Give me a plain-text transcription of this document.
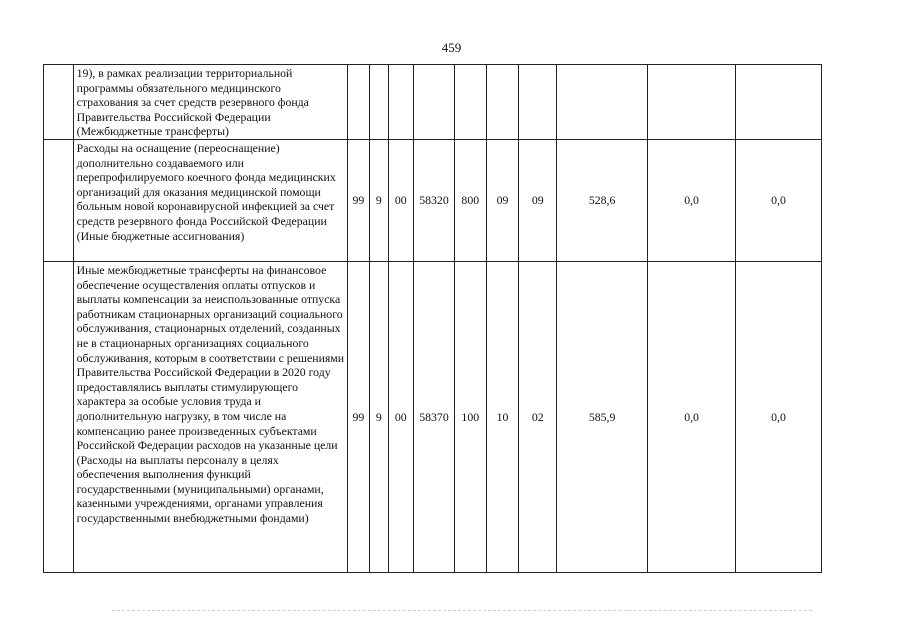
459
	19), в рамках реализации территориальной программы обязательного медицинского страхования за счет средств резервного фонда Правительства Российской Федерации (Межбюджетные трансферты)										
	Расходы на оснащение (переоснащение) дополнительно создаваемого или перепрофилируемого коечного фонда медицинских организаций для оказания медицинской помощи больным новой коронавирусной инфекцией за счет средств резервного фонда Российской Федерации (Иные бюджетные ассигнования)	99	9	00	58320	800	09	09	528,6	0,0	0,0
	Иные межбюджетные трансферты на финансовое обеспечение осуществления оплаты отпусков и выплаты компенсации за неиспользованные отпуска работникам стационарных организаций социального обслуживания, стационарных отделений, созданных не в стационарных организациях социального обслуживания, которым в соответствии с решениями Правительства Российской Федерации в 2020 году предоставлялись выплаты стимулирующего характера за особые условия труда и дополнительную нагрузку, в том числе на компенсацию ранее произведенных субъектами Российской Федерации расходов на указанные цели (Расходы на выплаты персоналу в целях обеспечения выполнения функций государственными (муниципальными) органами, казенными учреждениями, органами управления государственными внебюджетными фондами)	99	9	00	58370	100	10	02	585,9	0,0	0,0
